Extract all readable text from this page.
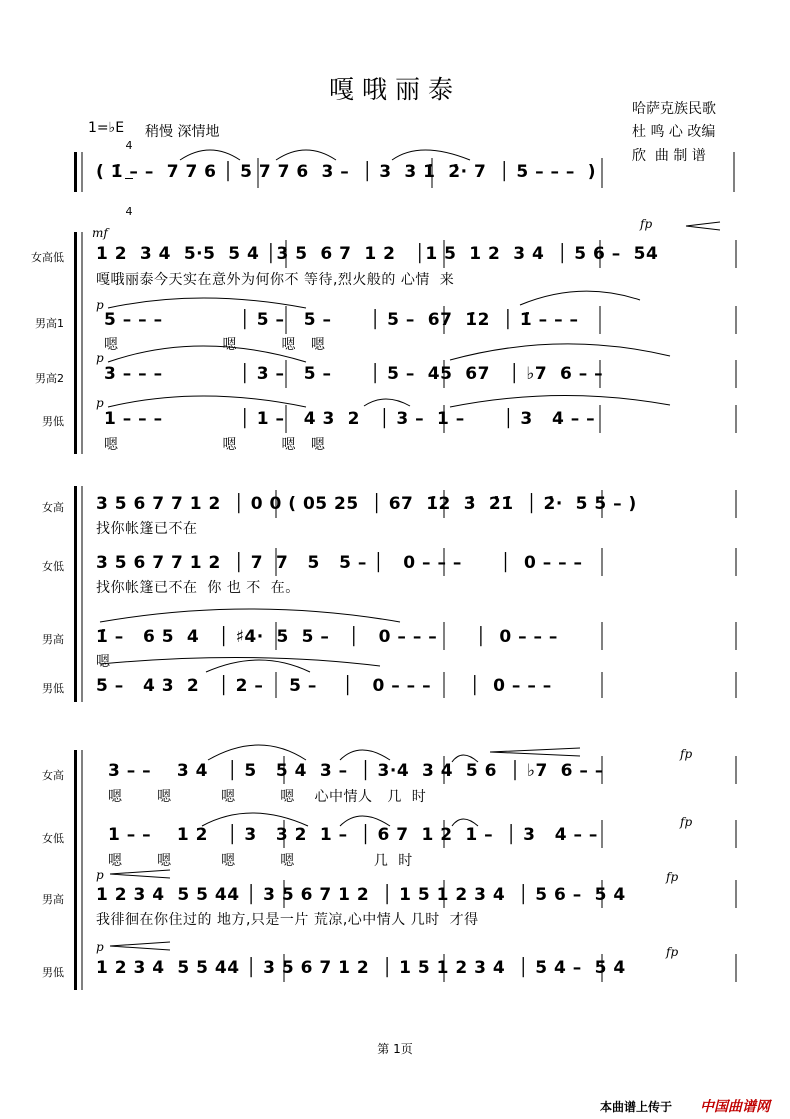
嘎哦丽泰
哈萨克族民歌
杜 鸣 心 改编
欣  曲 制 谱
1=♭E

4

4

稍慢 深情地
( 1̇ – –  7 7 6 │ 5 7 7 6  3 –  │ 3  3 1̇  2̇· 7  │ 5 – – –  )
女高低
mf
1 2  3 4  5·5  5 4 │3 5  6 7  1 2   │1 5  1 2  3 4  │ 5 6 –  54
嘎哦丽泰今天实在意外为何你不 等待,烈火般的 心情  来
男高1
p
5 – – –            │ 5 –   5 –      │ 5 –  67  1̇2  │ 1̇ – – –
嗯                     嗯         嗯   嗯
男高2
p
3 – – –            │ 3 –   5 –      │ 5 –  45  67   │ ♭7  6 – –
男低
p
1 – – –            │ 1 –   4 3  2   │ 3 –  1 –      │ 3   4 – –
嗯                     嗯         嗯   嗯
fp
女高 3 5 6 7 7 1 2  │ 0 0 ( 05 25  │ 67  1̇2  3̇  2̇1̇  │ 2̇·  5 5 – )
找你帐篷已不在
女低 3 5 6 7 7 1 2  │ 7  7   5   5 – │   0 – – –      │  0 – – –
找你帐篷已不在  你 也 不  在。
男高 1̇ –   6 5  4   │ ♯4·  5  5 –   │   0 – – –      │  0 – – –
嗯
男低 5 –   4 3  2   │ 2 –    5 –    │   0 – – –      │  0 – – –
女高	3 – –    3 4   │ 5   5 4  3 –  │ 3·4  3 4  5 6  │ ♭7  6 – –
嗯       嗯          嗯         嗯    心中情人   几  时
女低	1 – –    1 2   │ 3   3 2  1 –  │ 6 7  1 2  1 –  │ 3   4 – –
嗯       嗯          嗯         嗯                几  时
男高
p
1 2 3 4  5 5 44 │ 3 5 6 7 1 2  │ 1 5 1 2 3 4  │ 5 6 –  5 4
我徘徊在你住过的 地方,只是一片 荒凉,心中情人 几时  才得
男低
p
1 2 3 4  5 5 44 │ 3 5 6 7 1 2  │ 1 5 1 2 3 4  │ 5 4 –  5 4
fp
fp
fp
fp
第 1页
本曲谱上传于 中国曲谱网
